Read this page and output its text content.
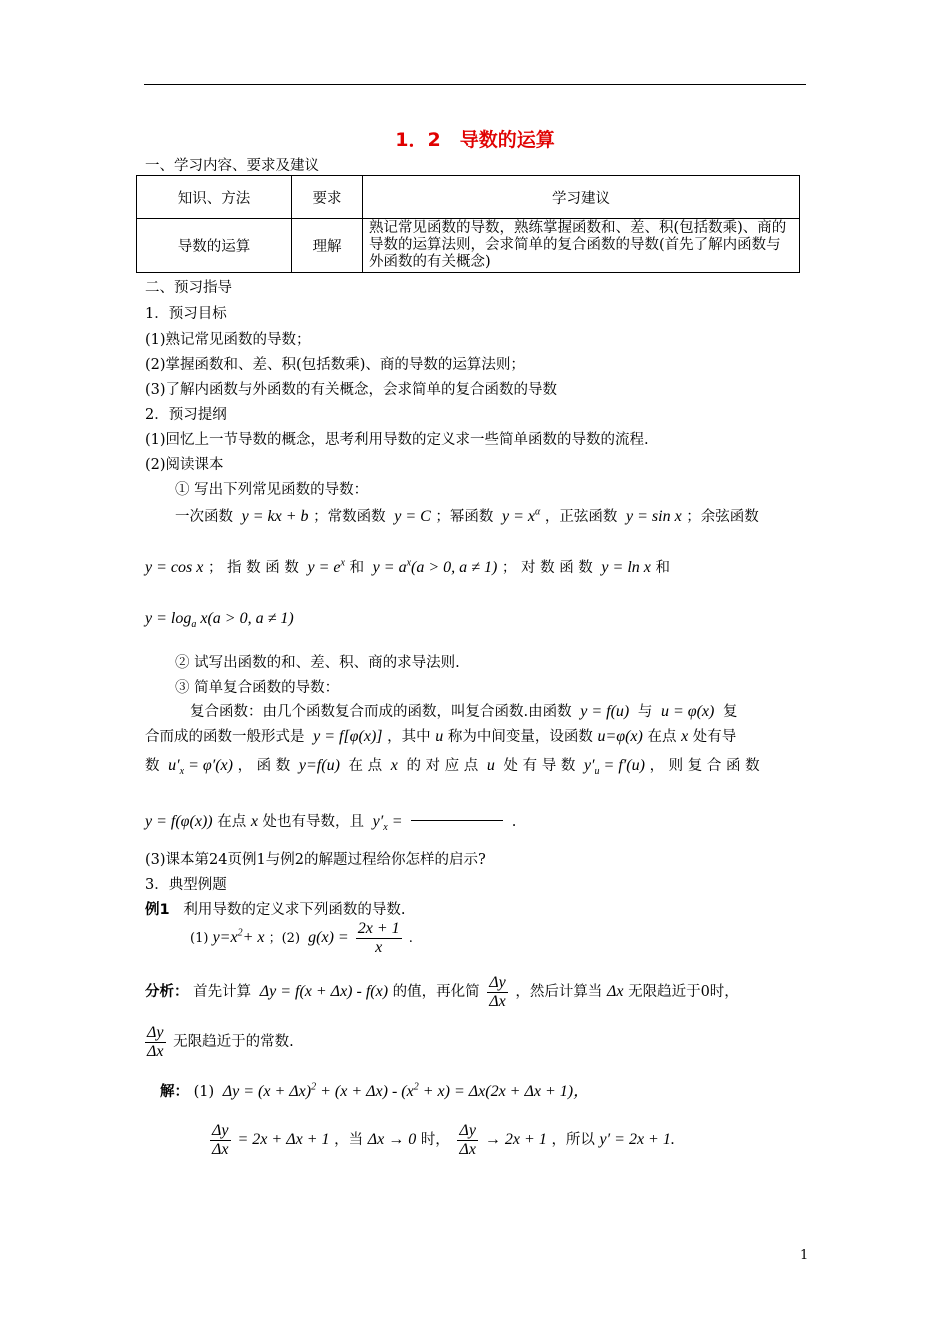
1．2　导数的运算
一、学习内容、要求及建议
知识、方法	要求	学习建议
导数的运算	理解	熟记常见函数的导数，熟练掌握函数和、差、积(包括数乘)、商的导数的运算法则，会求简单的复合函数的导数(首先了解内函数与外函数的有关概念)
二、预习指导
1．预习目标
(1)熟记常见函数的导数；
(2)掌握函数和、差、积(包括数乘)、商的导数的运算法则；
(3)了解内函数与外函数的有关概念，会求简单的复合函数的导数
2．预习提纲
(1)回忆上一节导数的概念，思考利用导数的定义求一些简单函数的导数的流程.
(2)阅读课本
① 写出下列常见函数的导数：
一次函数  y = kx + b ；常数函数  y = C ；幂函数  $y = x^\alpha$ ，正弦函数  y = sin x ；余弦函数
y = cos x ； 指 数 函 数  $y = e^x$ 和  $y = a^x(a > 0$, a ≠ 1) ； 对 数 函 数  y = ln x 和
$y = \log_a x(a > 0$, a ≠ 1)
② 试写出函数的和、差、积、商的求导法则.
③ 简单复合函数的导数：
复合函数：由几个函数复合而成的函数，叫复合函数.由函数  y = f(u)  与  u = φ(x)  复
合而成的函数一般形式是  y = f[φ(x)] ，其中 u 称为中间变量，设函数 u=φ(x) 在点 x 处有导
数  $u'_x = \varphi'(x)$ ， 函 数  y=f(u)  在 点  x  的 对 应 点  u  处 有 导 数  $y'_u = f'(u)$ ， 则 复 合 函 数
y = f(φ(x)) 在点 x 处也有导数，且  $y'_x$ =	.
(3)课本第24页例1与例2的解题过程给你怎样的启示?
3．典型例题
例1 利用导数的定义求下列函数的导数.
(1) $y=x^2+ x$ ；(2)  $g(x) = \frac{2x + 1}{x}$ .
分析： 首先计算  Δy = f(x + Δx) - f(x) 的值，再化简 $\frac{\Delta y}{\Delta x}$ ，然后计算当 Δx 无限趋近于0时，
$\frac{\Delta y}{\Delta x}$ 无限趋近于的常数.
解： (1)  $\Delta y = (x + \Delta x)^2 + (x + \Delta x) - (x^2 + x) = \Delta x(2x + \Delta x + 1)$，
$\frac{\Delta y}{\Delta x} = 2x + \Delta x + 1$ ，当 Δx → 0 时， $\frac{\Delta y}{\Delta x} \to 2x + 1$ ，所以 y′ = 2x + 1.
1
